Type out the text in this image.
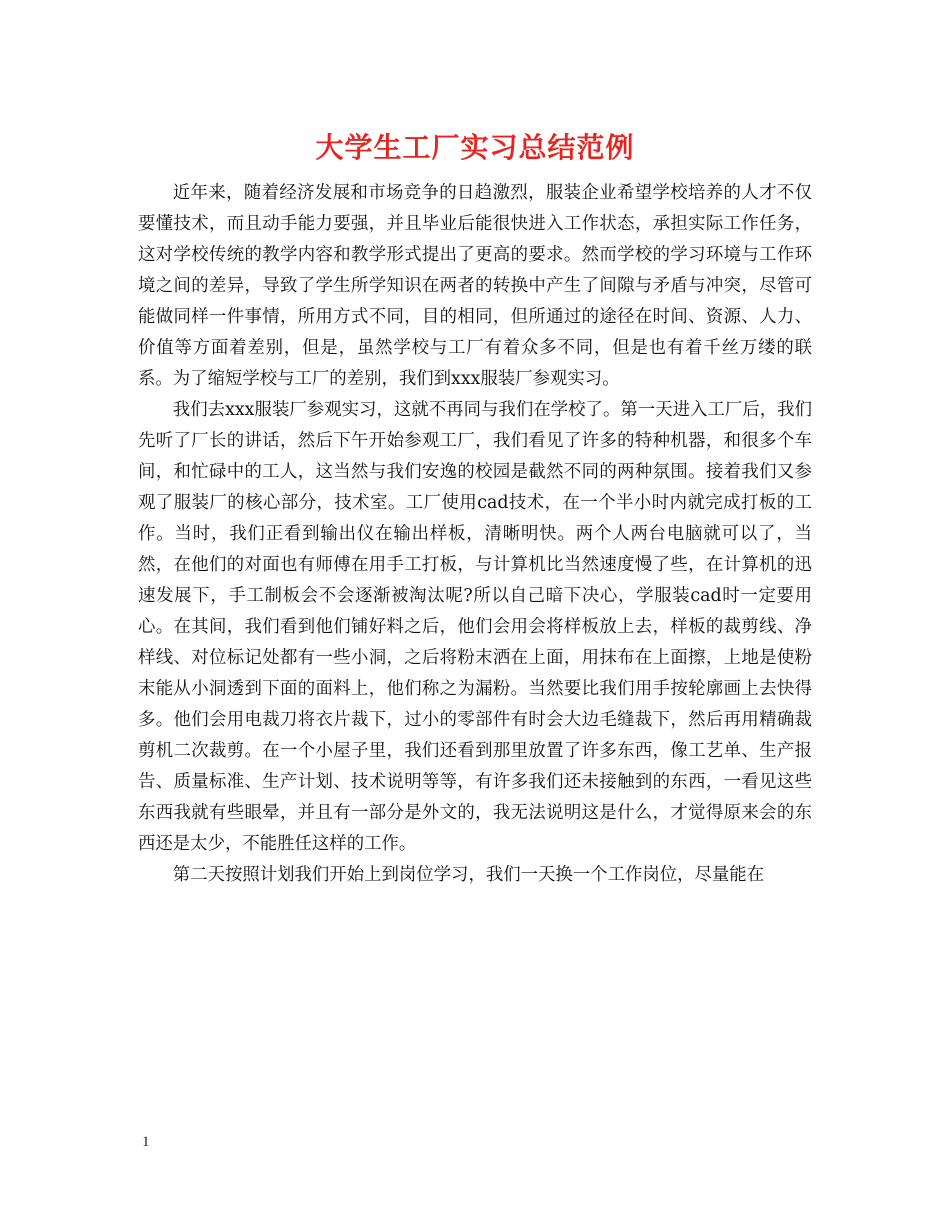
大学生工厂实习总结范例

近年来，随着经济发展和市场竞争的日趋激烈，服装企业希望学校培养的人才不仅要懂技术，而且动手能力要强，并且毕业后能很快进入工作状态，承担实际工作任务，这对学校传统的教学内容和教学形式提出了更高的要求。然而学校的学习环境与工作环境之间的差异，导致了学生所学知识在两者的转换中产生了间隙与矛盾与冲突，尽管可能做同样一件事情，所用方式不同，目的相同，但所通过的途径在时间、资源、人力、价值等方面着差别，但是，虽然学校与工厂有着众多不同，但是也有着千丝万缕的联系。为了缩短学校与工厂的差别，我们到xxx服装厂参观实习。

我们去xxx服装厂参观实习，这就不再同与我们在学校了。第一天进入工厂后，我们先听了厂长的讲话，然后下午开始参观工厂，我们看见了许多的特种机器，和很多个车间，和忙碌中的工人，这当然与我们安逸的校园是截然不同的两种氛围。接着我们又参观了服装厂的核心部分，技术室。工厂使用cad技术，在一个半小时内就完成打板的工作。当时，我们正看到输出仪在输出样板，清晰明快。两个人两台电脑就可以了，当然，在他们的对面也有师傅在用手工打板，与计算机比当然速度慢了些，在计算机的迅速发展下，手工制板会不会逐渐被淘汰呢?所以自己暗下决心，学服装cad时一定要用心。在其间，我们看到他们铺好料之后，他们会用会将样板放上去，样板的裁剪线、净样线、对位标记处都有一些小洞，之后将粉末洒在上面，用抹布在上面擦，上地是使粉末能从小洞透到下面的面料上，他们称之为漏粉。当然要比我们用手按轮廓画上去快得多。他们会用电裁刀将衣片裁下，过小的零部件有时会大边毛缝裁下，然后再用精确裁剪机二次裁剪。在一个小屋子里，我们还看到那里放置了许多东西，像工艺单、生产报告、质量标准、生产计划、技术说明等等，有许多我们还未接触到的东西，一看见这些东西我就有些眼晕，并且有一部分是外文的，我无法说明这是什么，才觉得原来会的东西还是太少，不能胜任这样的工作。

第二天按照计划我们开始上到岗位学习，我们一天换一个工作岗位，尽量能在

1
